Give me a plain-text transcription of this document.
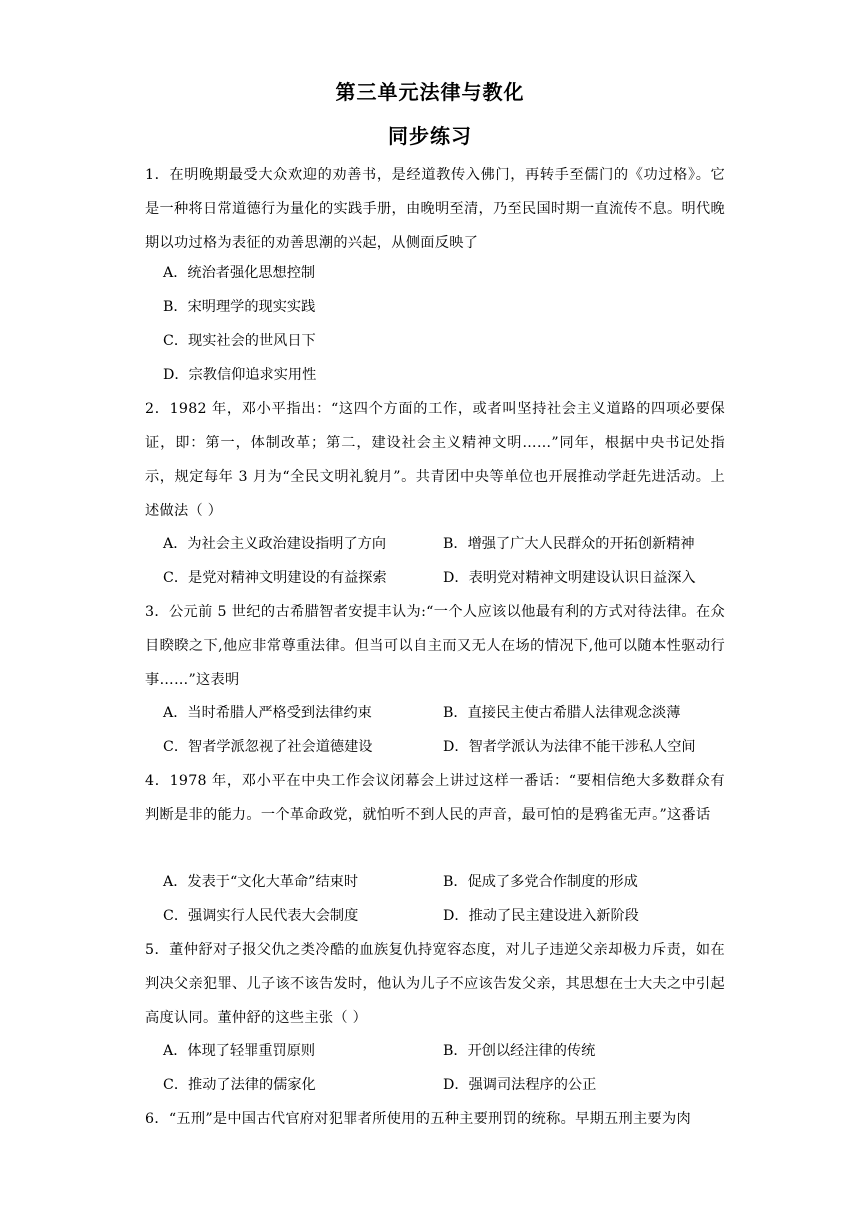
第三单元法律与教化
同步练习
1．在明晚期最受大众欢迎的劝善书，是经道教传入佛门，再转手至儒门的《功过格》。它是一种将日常道德行为量化的实践手册，由晚明至清，乃至民国时期一直流传不息。明代晚期以功过格为表征的劝善思潮的兴起，从侧面反映了
A．统治者强化思想控制
B．宋明理学的现实实践
C．现实社会的世风日下
D．宗教信仰追求实用性
2．1982 年，邓小平指出：“这四个方面的工作，或者叫坚持社会主义道路的四项必要保证，即：第一，体制改革；第二，建设社会主义精神文明……”同年，根据中央书记处指示，规定每年 3 月为“全民文明礼貌月”。共青团中央等单位也开展推动学赶先进活动。上述做法（ ）
A．为社会主义政治建设指明了方向	B．增强了广大人民群众的开拓创新精神
C．是党对精神文明建设的有益探索	D．表明党对精神文明建设认识日益深入
3．公元前 5 世纪的古希腊智者安提丰认为:“一个人应该以他最有利的方式对待法律。在众目睽睽之下,他应非常尊重法律。但当可以自主而又无人在场的情况下,他可以随本性驱动行事……”这表明
A．当时希腊人严格受到法律约束	B．直接民主使古希腊人法律观念淡薄
C．智者学派忽视了社会道德建设	D．智者学派认为法律不能干涉私人空间
4．1978 年，邓小平在中央工作会议闭幕会上讲过这样一番话：“要相信绝大多数群众有判断是非的能力。一个革命政党，就怕听不到人民的声音，最可怕的是鸦雀无声。”这番话
A．发表于“文化大革命”结束时	B．促成了多党合作制度的形成
C．强调实行人民代表大会制度	D．推动了民主建设进入新阶段
5．董仲舒对子报父仇之类冷酷的血族复仇持宽容态度，对儿子违逆父亲却极力斥责，如在判决父亲犯罪、儿子该不该告发时，他认为儿子不应该告发父亲，其思想在士大夫之中引起高度认同。董仲舒的这些主张（ ）
A．体现了轻罪重罚原则	B．开创以经注律的传统
C．推动了法律的儒家化	D．强调司法程序的公正
6．“五刑”是中国古代官府对犯罪者所使用的五种主要刑罚的统称。早期五刑主要为肉
